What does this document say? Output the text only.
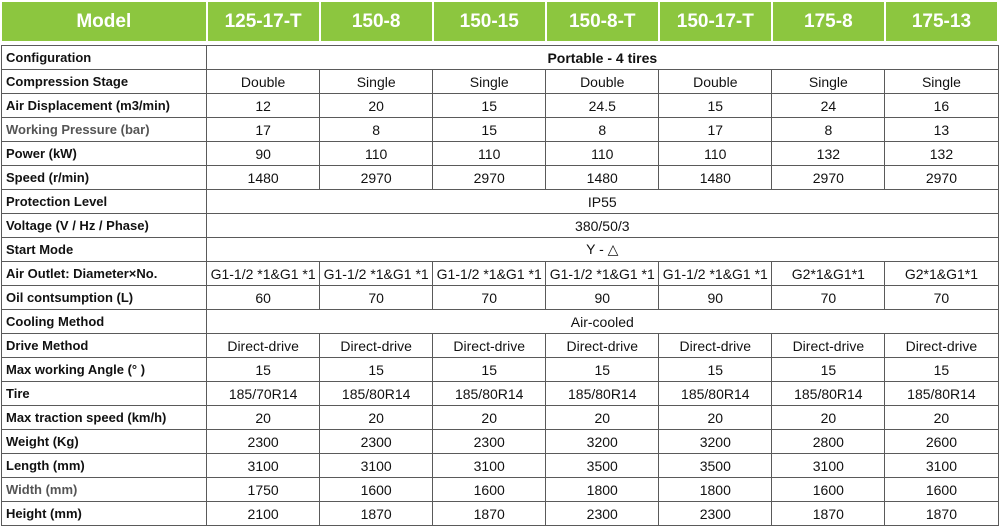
Model	125-17-T	150-8	150-15	150-8-T	150-17-T	175-8	175-13

Configuration	Portable - 4 tires						
Compression Stage	Double	Single	Single	Double	Double	Single	Single
Air Displacement (m3/min)	12	20	15	24.5	15	24	16
Working Pressure (bar)	17	8	15	8	17	8	13
Power (kW)	90	110	110	110	110	132	132
Speed (r/min)	1480	2970	2970	1480	1480	2970	2970
Protection Level	IP55						
Voltage (V / Hz / Phase)	380/50/3						
Start Mode	Y - △						
Air Outlet: Diameter×No.	G1-1/2 *1&G1 *1	G1-1/2 *1&G1 *1	G1-1/2 *1&G1 *1	G1-1/2 *1&G1 *1	G1-1/2 *1&G1 *1	G2*1&G1*1	G2*1&G1*1
Oil contsumption (L)	60	70	70	90	90	70	70
Cooling Method	Air-cooled						
Drive Method	Direct-drive	Direct-drive	Direct-drive	Direct-drive	Direct-drive	Direct-drive	Direct-drive
Max working Angle (° )	15	15	15	15	15	15	15
Tire	185/70R14	185/80R14	185/80R14	185/80R14	185/80R14	185/80R14	185/80R14
Max traction speed (km/h)	20	20	20	20	20	20	20
Weight (Kg)	2300	2300	2300	3200	3200	2800	2600
Length (mm)	3100	3100	3100	3500	3500	3100	3100
Width (mm)	1750	1600	1600	1800	1800	1600	1600
Height (mm)	2100	1870	1870	2300	2300	1870	1870
